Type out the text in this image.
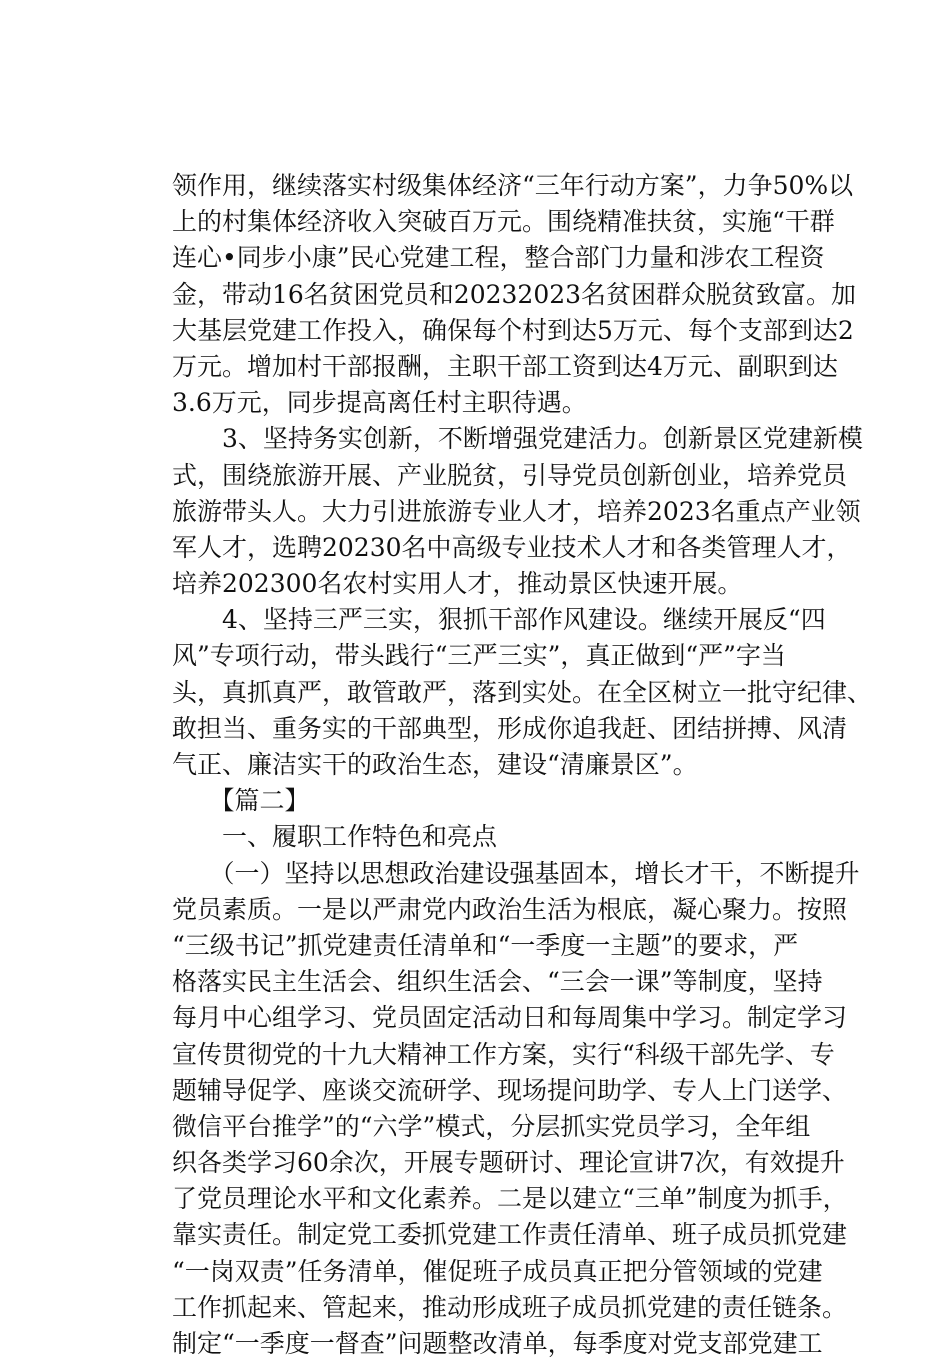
领作用，继续落实村级集体经济“三年行动方案”，力争50%以
上的村集体经济收入突破百万元。围绕精准扶贫，实施“干群
连心•同步小康”民心党建工程，整合部门力量和涉农工程资
金，带动16名贫困党员和20232023名贫困群众脱贫致富。加
大基层党建工作投入，确保每个村到达5万元、每个支部到达2
万元。增加村干部报酬，主职干部工资到达4万元、副职到达
3.6万元，同步提高离任村主职待遇。
　　3、坚持务实创新，不断增强党建活力。创新景区党建新模
式，围绕旅游开展、产业脱贫，引导党员创新创业，培养党员
旅游带头人。大力引进旅游专业人才，培养2023名重点产业领
军人才，选聘20230名中高级专业技术人才和各类管理人才，
培养202300名农村实用人才，推动景区快速开展。
　　4、坚持三严三实，狠抓干部作风建设。继续开展反“四
风”专项行动，带头践行“三严三实”，真正做到“严”字当
头，真抓真严，敢管敢严，落到实处。在全区树立一批守纪律、
敢担当、重务实的干部典型，形成你追我赶、团结拼搏、风清
气正、廉洁实干的政治生态，建设“清廉景区”。
　　【篇二】
　　一、履职工作特色和亮点
　　（一）坚持以思想政治建设强基固本，增长才干，不断提升
党员素质。一是以严肃党内政治生活为根底，凝心聚力。按照
“三级书记”抓党建责任清单和“一季度一主题”的要求，严
格落实民主生活会、组织生活会、“三会一课”等制度，坚持
每月中心组学习、党员固定活动日和每周集中学习。制定学习
宣传贯彻党的十九大精神工作方案，实行“科级干部先学、专
题辅导促学、座谈交流研学、现场提问助学、专人上门送学、
微信平台推学”的“六学”模式，分层抓实党员学习，全年组
织各类学习60余次，开展专题研讨、理论宣讲7次，有效提升
了党员理论水平和文化素养。二是以建立“三单”制度为抓手，
靠实责任。制定党工委抓党建工作责任清单、班子成员抓党建
“一岗双责”任务清单，催促班子成员真正把分管领域的党建
工作抓起来、管起来，推动形成班子成员抓党建的责任链条。
制定“一季度一督查”问题整改清单，每季度对党支部党建工
